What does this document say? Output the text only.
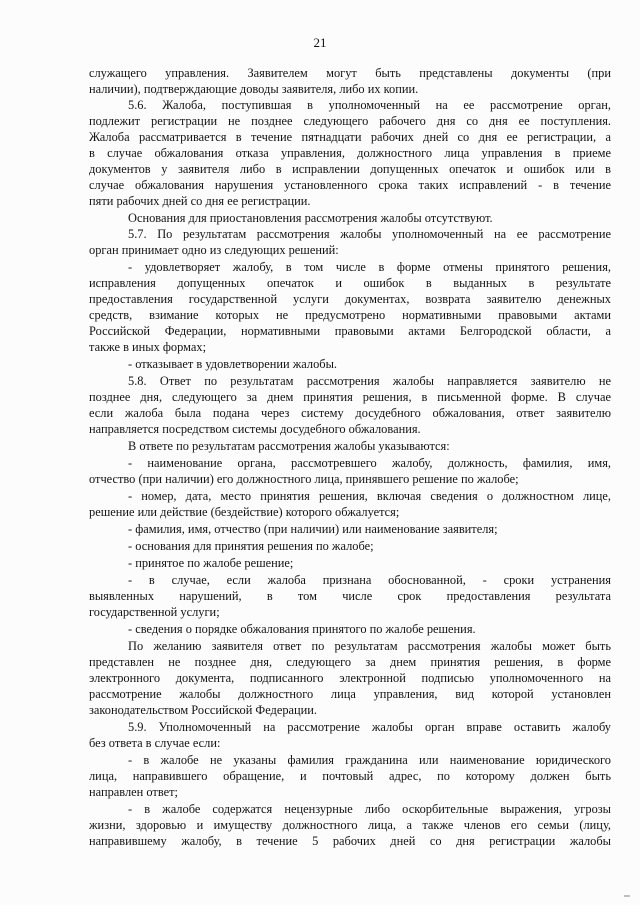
21
служащего управления. Заявителем могут быть представлены документы (при
наличии), подтверждающие доводы заявителя, либо их копии.
5.6. Жалоба, поступившая в уполномоченный на ее рассмотрение орган,
подлежит регистрации не позднее следующего рабочего дня со дня ее поступления.
Жалоба рассматривается в течение пятнадцати рабочих дней со дня ее регистрации, а
в случае обжалования отказа управления, должностного лица управления в приеме
документов у заявителя либо в исправлении допущенных опечаток и ошибок или в
случае обжалования нарушения установленного срока таких исправлений - в течение
пяти рабочих дней со дня ее регистрации.
Основания для приостановления рассмотрения жалобы отсутствуют.
5.7. По результатам рассмотрения жалобы уполномоченный на ее рассмотрение
орган принимает одно из следующих решений:
- удовлетворяет жалобу, в том числе в форме отмены принятого решения,
исправления допущенных опечаток и ошибок в выданных в результате
предоставления государственной услуги документах, возврата заявителю денежных
средств, взимание которых не предусмотрено нормативными правовыми актами
Российской Федерации, нормативными правовыми актами Белгородской области, а
также в иных формах;
- отказывает в удовлетворении жалобы.
5.8. Ответ по результатам рассмотрения жалобы направляется заявителю не
позднее дня, следующего за днем принятия решения, в письменной форме. В случае
если жалоба была подана через систему досудебного обжалования, ответ заявителю
направляется посредством системы досудебного обжалования.
В ответе по результатам рассмотрения жалобы указываются:
- наименование органа, рассмотревшего жалобу, должность, фамилия, имя,
отчество (при наличии) его должностного лица, принявшего решение по жалобе;
- номер, дата, место принятия решения, включая сведения о должностном лице,
решение или действие (бездействие) которого обжалуется;
- фамилия, имя, отчество (при наличии) или наименование заявителя;
- основания для принятия решения по жалобе;
- принятое по жалобе решение;
- в случае, если жалоба признана обоснованной, - сроки устранения
выявленных нарушений, в том числе срок предоставления результата
государственной услуги;
- сведения о порядке обжалования принятого по жалобе решения.
По желанию заявителя ответ по результатам рассмотрения жалобы может быть
представлен не позднее дня, следующего за днем принятия решения, в форме
электронного документа, подписанного электронной подписью уполномоченного на
рассмотрение жалобы должностного лица управления, вид которой установлен
законодательством Российской Федерации.
5.9. Уполномоченный на рассмотрение жалобы орган вправе оставить жалобу
без ответа в случае если:
- в жалобе не указаны фамилия гражданина или наименование юридического
лица, направившего обращение, и почтовый адрес, по которому должен быть
направлен ответ;
- в жалобе содержатся нецензурные либо оскорбительные выражения, угрозы
жизни, здоровью и имуществу должностного лица, а также членов его семьи (лицу,
направившему жалобу, в течение 5 рабочих дней со дня регистрации жалобы
